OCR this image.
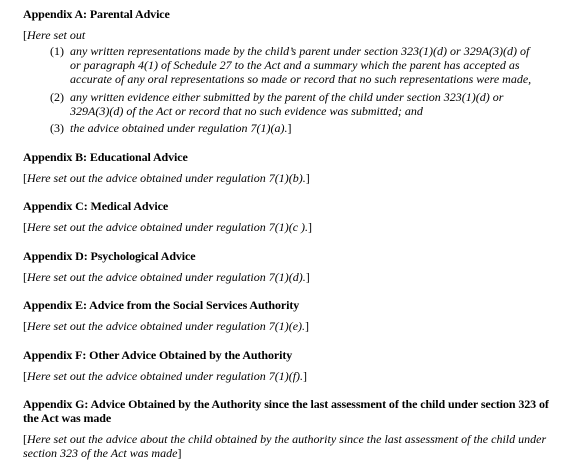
Appendix A: Parental Advice
[Here set out
(1) any written representations made by the child’s parent under section 323(1)(d) or 329A(3)(d) of
or paragraph 4(1) of Schedule 27 to the Act and a summary which the parent has accepted as
accurate of any oral representations so made or record that no such representations were made,
(2) any written evidence either submitted by the parent of the child under section 323(1)(d) or
329A(3)(d) of the Act or record that no such evidence was submitted; and
(3) the advice obtained under regulation 7(1)(a).]
Appendix B: Educational Advice
[Here set out the advice obtained under regulation 7(1)(b).]
Appendix C: Medical Advice
[Here set out the advice obtained under regulation 7(1)(c ).]
Appendix D: Psychological Advice
[Here set out the advice obtained under regulation 7(1)(d).]
Appendix E: Advice from the Social Services Authority
[Here set out the advice obtained under regulation 7(1)(e).]
Appendix F: Other Advice Obtained by the Authority
[Here set out the advice obtained under regulation 7(1)(f).]
Appendix G: Advice Obtained by the Authority since the last assessment of the child under section 323 of
the Act was made
[Here set out the advice about the child obtained by the authority since the last assessment of the child under
section 323 of the Act was made]
